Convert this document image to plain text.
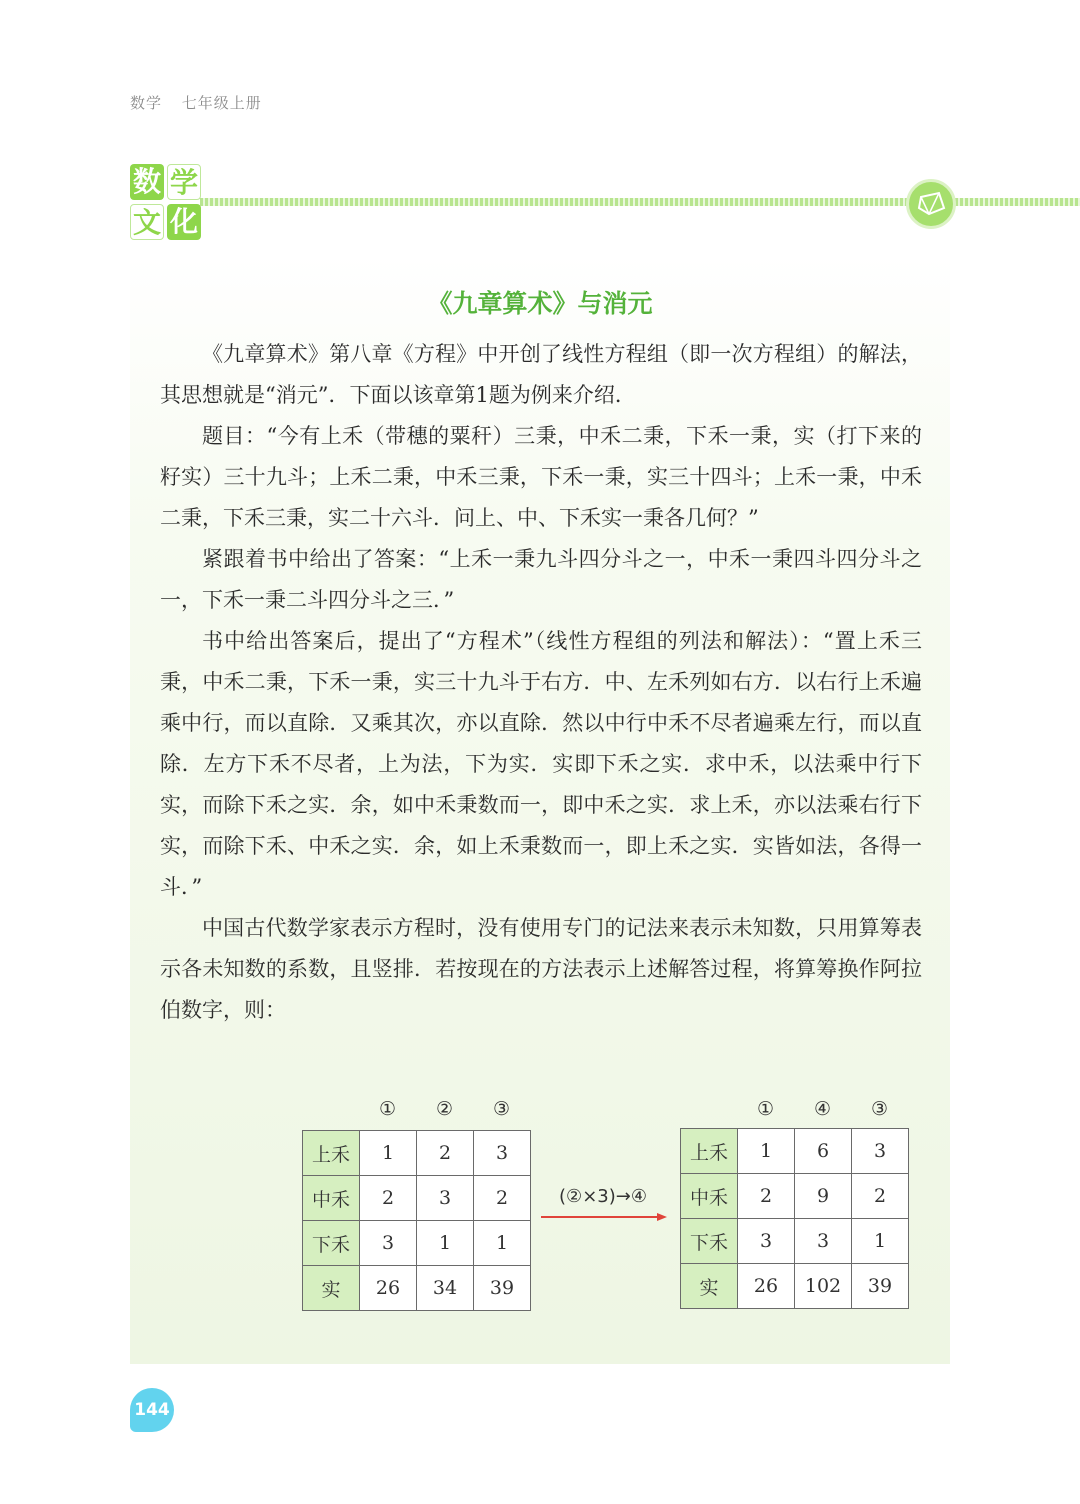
数学 七年级上册
数 学
文 化
《九章算术》与消元

《九章算术》第八章《方程》中开创了线性方程组（即一次方程组）的解法，其思想就是“消元”．下面以该章第1题为例来介绍．

题目：“今有上禾（带穗的粟秆）三秉，中禾二秉，下禾一秉，实（打下来的籽实）三十九斗；上禾二秉，中禾三秉，下禾一秉，实三十四斗；上禾一秉，中禾二秉，下禾三秉，实二十六斗．问上、中、下禾实一秉各几何？”

紧跟着书中给出了答案：“上禾一秉九斗四分斗之一，中禾一秉四斗四分斗之一，下禾一秉二斗四分斗之三．”

书中给出答案后，提出了“方程术”（线性方程组的列法和解法）：“置上禾三秉，中禾二秉，下禾一秉，实三十九斗于右方．中、左禾列如右方．以右行上禾遍乘中行，而以直除．又乘其次，亦以直除．然以中行中禾不尽者遍乘左行，而以直除．左方下禾不尽者，上为法，下为实．实即下禾之实．求中禾，以法乘中行下实，而除下禾之实．余，如中禾秉数而一，即中禾之实．求上禾，亦以法乘右行下实，而除下禾、中禾之实．余，如上禾秉数而一，即上禾之实．实皆如法，各得一斗．”

中国古代数学家表示方程时，没有使用专门的记法来表示未知数，只用算筹表示各未知数的系数，且竖排．若按现在的方法表示上述解答过程，将算筹换作阿拉伯数字，则：

①	②	③
上禾	1	2	3
中禾	2	3	2
下禾	3	1	1
实	26	34	39
(②×3)→④
①	④	③
上禾	1	6	3
中禾	2	9	2
下禾	3	3	1
实	26	102	39
144
